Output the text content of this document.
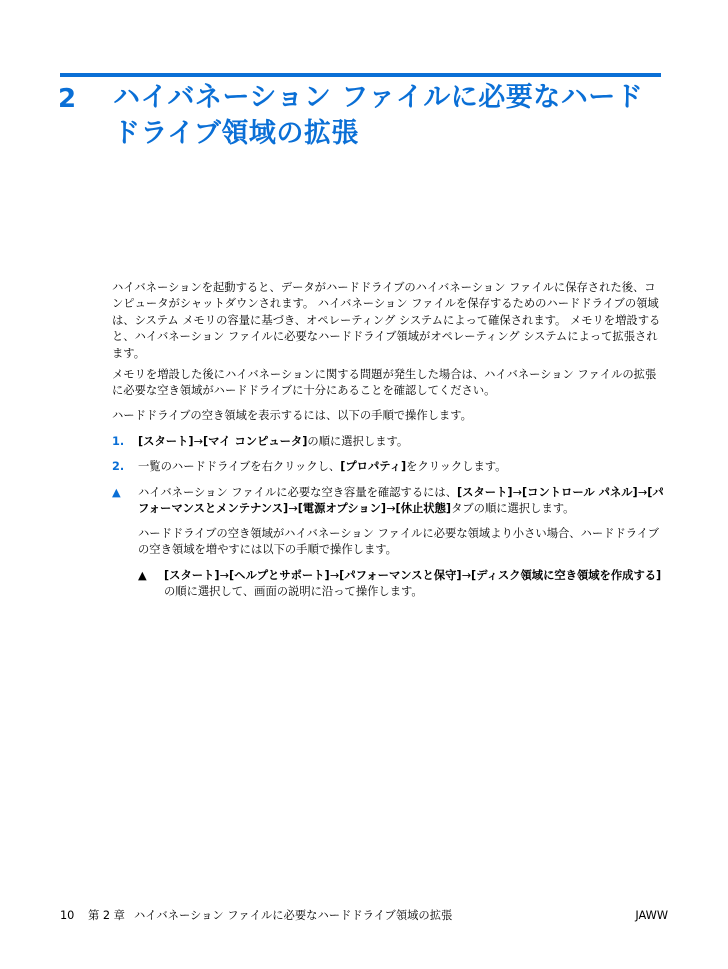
2 ハイバネーション ファイルに必要なハードドライブ領域の拡張
ハイバネーションを起動すると、データがハードドライブのハイバネーション ファイルに保存された後、コンピュータがシャットダウンされます。 ハイバネーション ファイルを保存するためのハードドライブの領域は、システム メモリの容量に基づき、オペレーティング システムによって確保されます。 メモリを増設すると、ハイバネーション ファイルに必要なハードドライブ領域がオペレーティング システムによって拡張されます。
メモリを増設した後にハイバネーションに関する問題が発生した場合は、ハイバネーション ファイルの拡張に必要な空き領域がハードドライブに十分にあることを確認してください。
ハードドライブの空き領域を表示するには、以下の手順で操作します。
1. [スタート]→[マイ コンピュータ]の順に選択します。
2. 一覧のハードドライブを右クリックし、[プロパティ]をクリックします。
▲ ハイバネーション ファイルに必要な空き容量を確認するには、[スタート]→[コントロール パネル]→[パフォーマンスとメンテナンス]→[電源オプション]→[休止状態]タブの順に選択します。
ハードドライブの空き領域がハイバネーション ファイルに必要な領域より小さい場合、ハードドライブの空き領域を増やすには以下の手順で操作します。
▲ [スタート]→[ヘルプとサポート]→[パフォーマンスと保守]→[ディスク領域に空き領域を作成する]の順に選択して、画面の説明に沿って操作します。
10 第 2 章 ハイバネーション ファイルに必要なハードドライブ領域の拡張	JAWW
